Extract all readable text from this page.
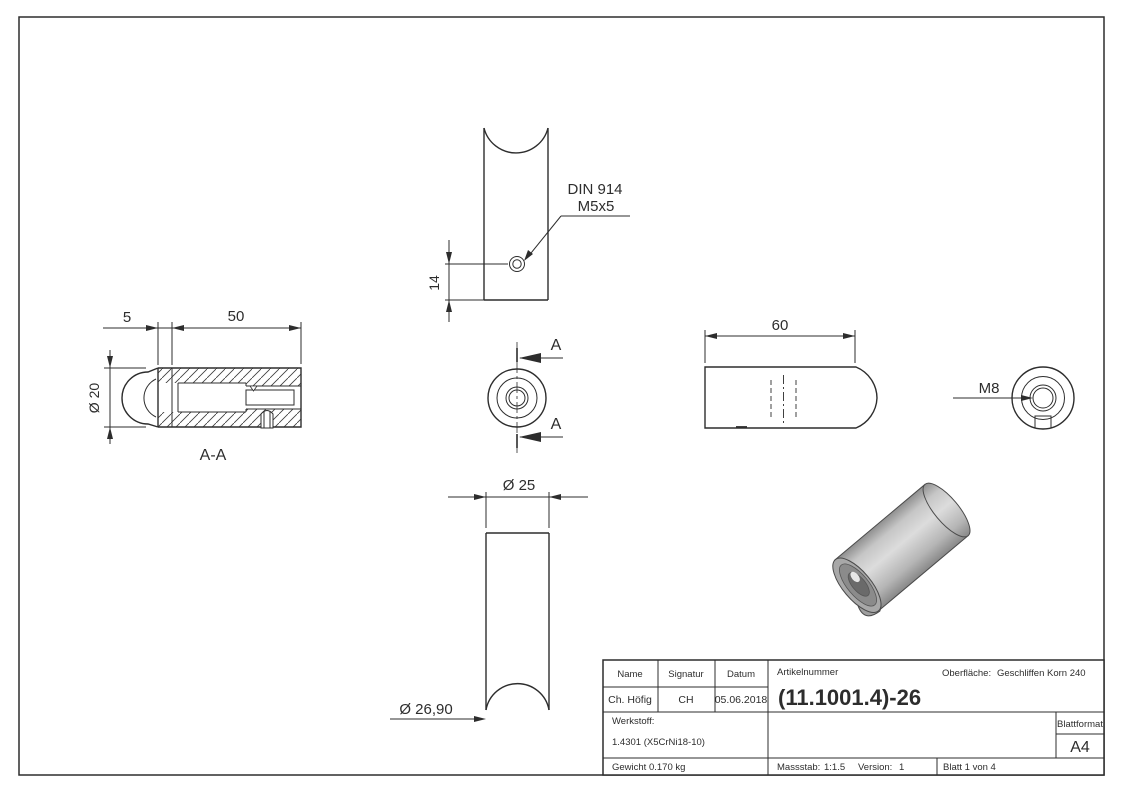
5	50
Ø 20
A-A
DIN 914
M5x5
14
A
A
60
M8
Ø 25
Ø 26,90
Name	Signatur Datum
Ch. Höfig	CH 05.06.2018
Artikelnummer
(11.1001.4)-26
Oberfläche: Geschliffen Korn 240
Werkstoff:
1.4301 (X5CrNi18-10)
Blattformat
A4
Gewicht 0.170 kg	Massstab: 1:1.5 Version: 1	Blatt 1 von 4
